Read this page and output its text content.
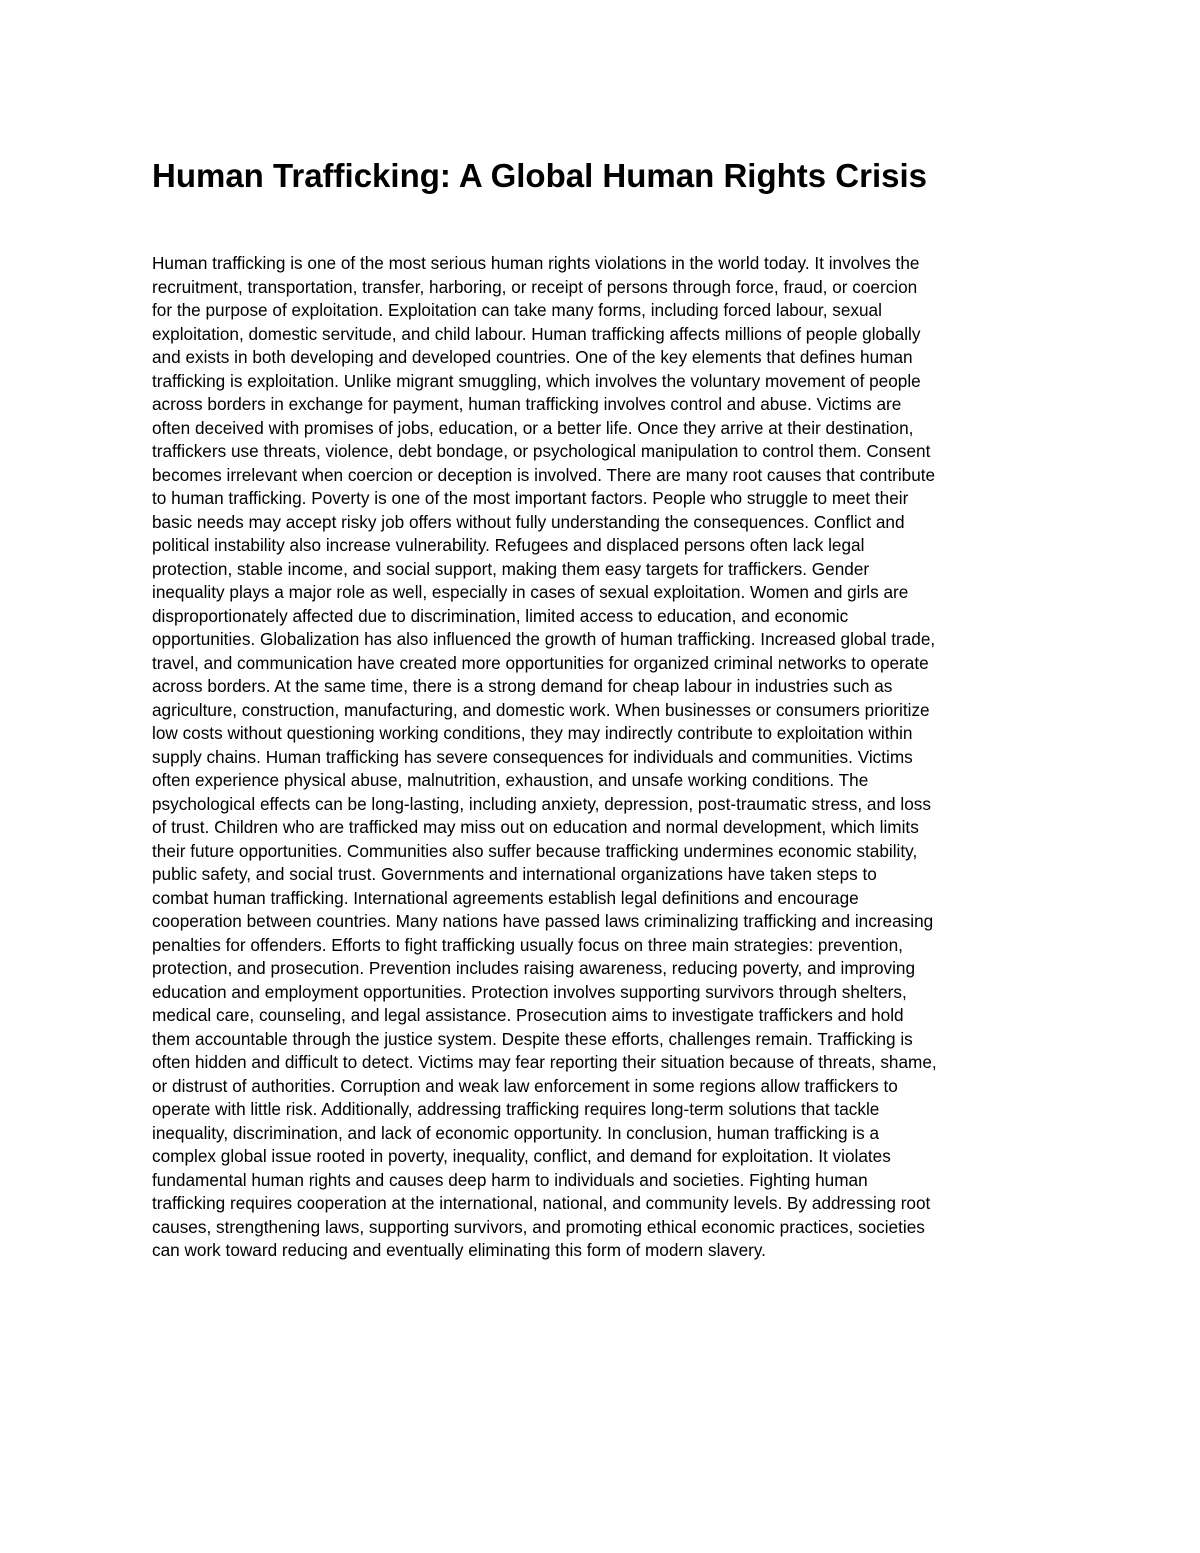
Human Trafficking: A Global Human Rights Crisis
Human trafficking is one of the most serious human rights violations in the world today. It involves the
recruitment, transportation, transfer, harboring, or receipt of persons through force, fraud, or coercion
for the purpose of exploitation. Exploitation can take many forms, including forced labour, sexual
exploitation, domestic servitude, and child labour. Human trafficking affects millions of people globally
and exists in both developing and developed countries. One of the key elements that defines human
trafficking is exploitation. Unlike migrant smuggling, which involves the voluntary movement of people
across borders in exchange for payment, human trafficking involves control and abuse. Victims are
often deceived with promises of jobs, education, or a better life. Once they arrive at their destination,
traffickers use threats, violence, debt bondage, or psychological manipulation to control them. Consent
becomes irrelevant when coercion or deception is involved. There are many root causes that contribute
to human trafficking. Poverty is one of the most important factors. People who struggle to meet their
basic needs may accept risky job offers without fully understanding the consequences. Conflict and
political instability also increase vulnerability. Refugees and displaced persons often lack legal
protection, stable income, and social support, making them easy targets for traffickers. Gender
inequality plays a major role as well, especially in cases of sexual exploitation. Women and girls are
disproportionately affected due to discrimination, limited access to education, and economic
opportunities. Globalization has also influenced the growth of human trafficking. Increased global trade,
travel, and communication have created more opportunities for organized criminal networks to operate
across borders. At the same time, there is a strong demand for cheap labour in industries such as
agriculture, construction, manufacturing, and domestic work. When businesses or consumers prioritize
low costs without questioning working conditions, they may indirectly contribute to exploitation within
supply chains. Human trafficking has severe consequences for individuals and communities. Victims
often experience physical abuse, malnutrition, exhaustion, and unsafe working conditions. The
psychological effects can be long-lasting, including anxiety, depression, post-traumatic stress, and loss
of trust. Children who are trafficked may miss out on education and normal development, which limits
their future opportunities. Communities also suffer because trafficking undermines economic stability,
public safety, and social trust. Governments and international organizations have taken steps to
combat human trafficking. International agreements establish legal definitions and encourage
cooperation between countries. Many nations have passed laws criminalizing trafficking and increasing
penalties for offenders. Efforts to fight trafficking usually focus on three main strategies: prevention,
protection, and prosecution. Prevention includes raising awareness, reducing poverty, and improving
education and employment opportunities. Protection involves supporting survivors through shelters,
medical care, counseling, and legal assistance. Prosecution aims to investigate traffickers and hold
them accountable through the justice system. Despite these efforts, challenges remain. Trafficking is
often hidden and difficult to detect. Victims may fear reporting their situation because of threats, shame,
or distrust of authorities. Corruption and weak law enforcement in some regions allow traffickers to
operate with little risk. Additionally, addressing trafficking requires long-term solutions that tackle
inequality, discrimination, and lack of economic opportunity. In conclusion, human trafficking is a
complex global issue rooted in poverty, inequality, conflict, and demand for exploitation. It violates
fundamental human rights and causes deep harm to individuals and societies. Fighting human
trafficking requires cooperation at the international, national, and community levels. By addressing root
causes, strengthening laws, supporting survivors, and promoting ethical economic practices, societies
can work toward reducing and eventually eliminating this form of modern slavery.
